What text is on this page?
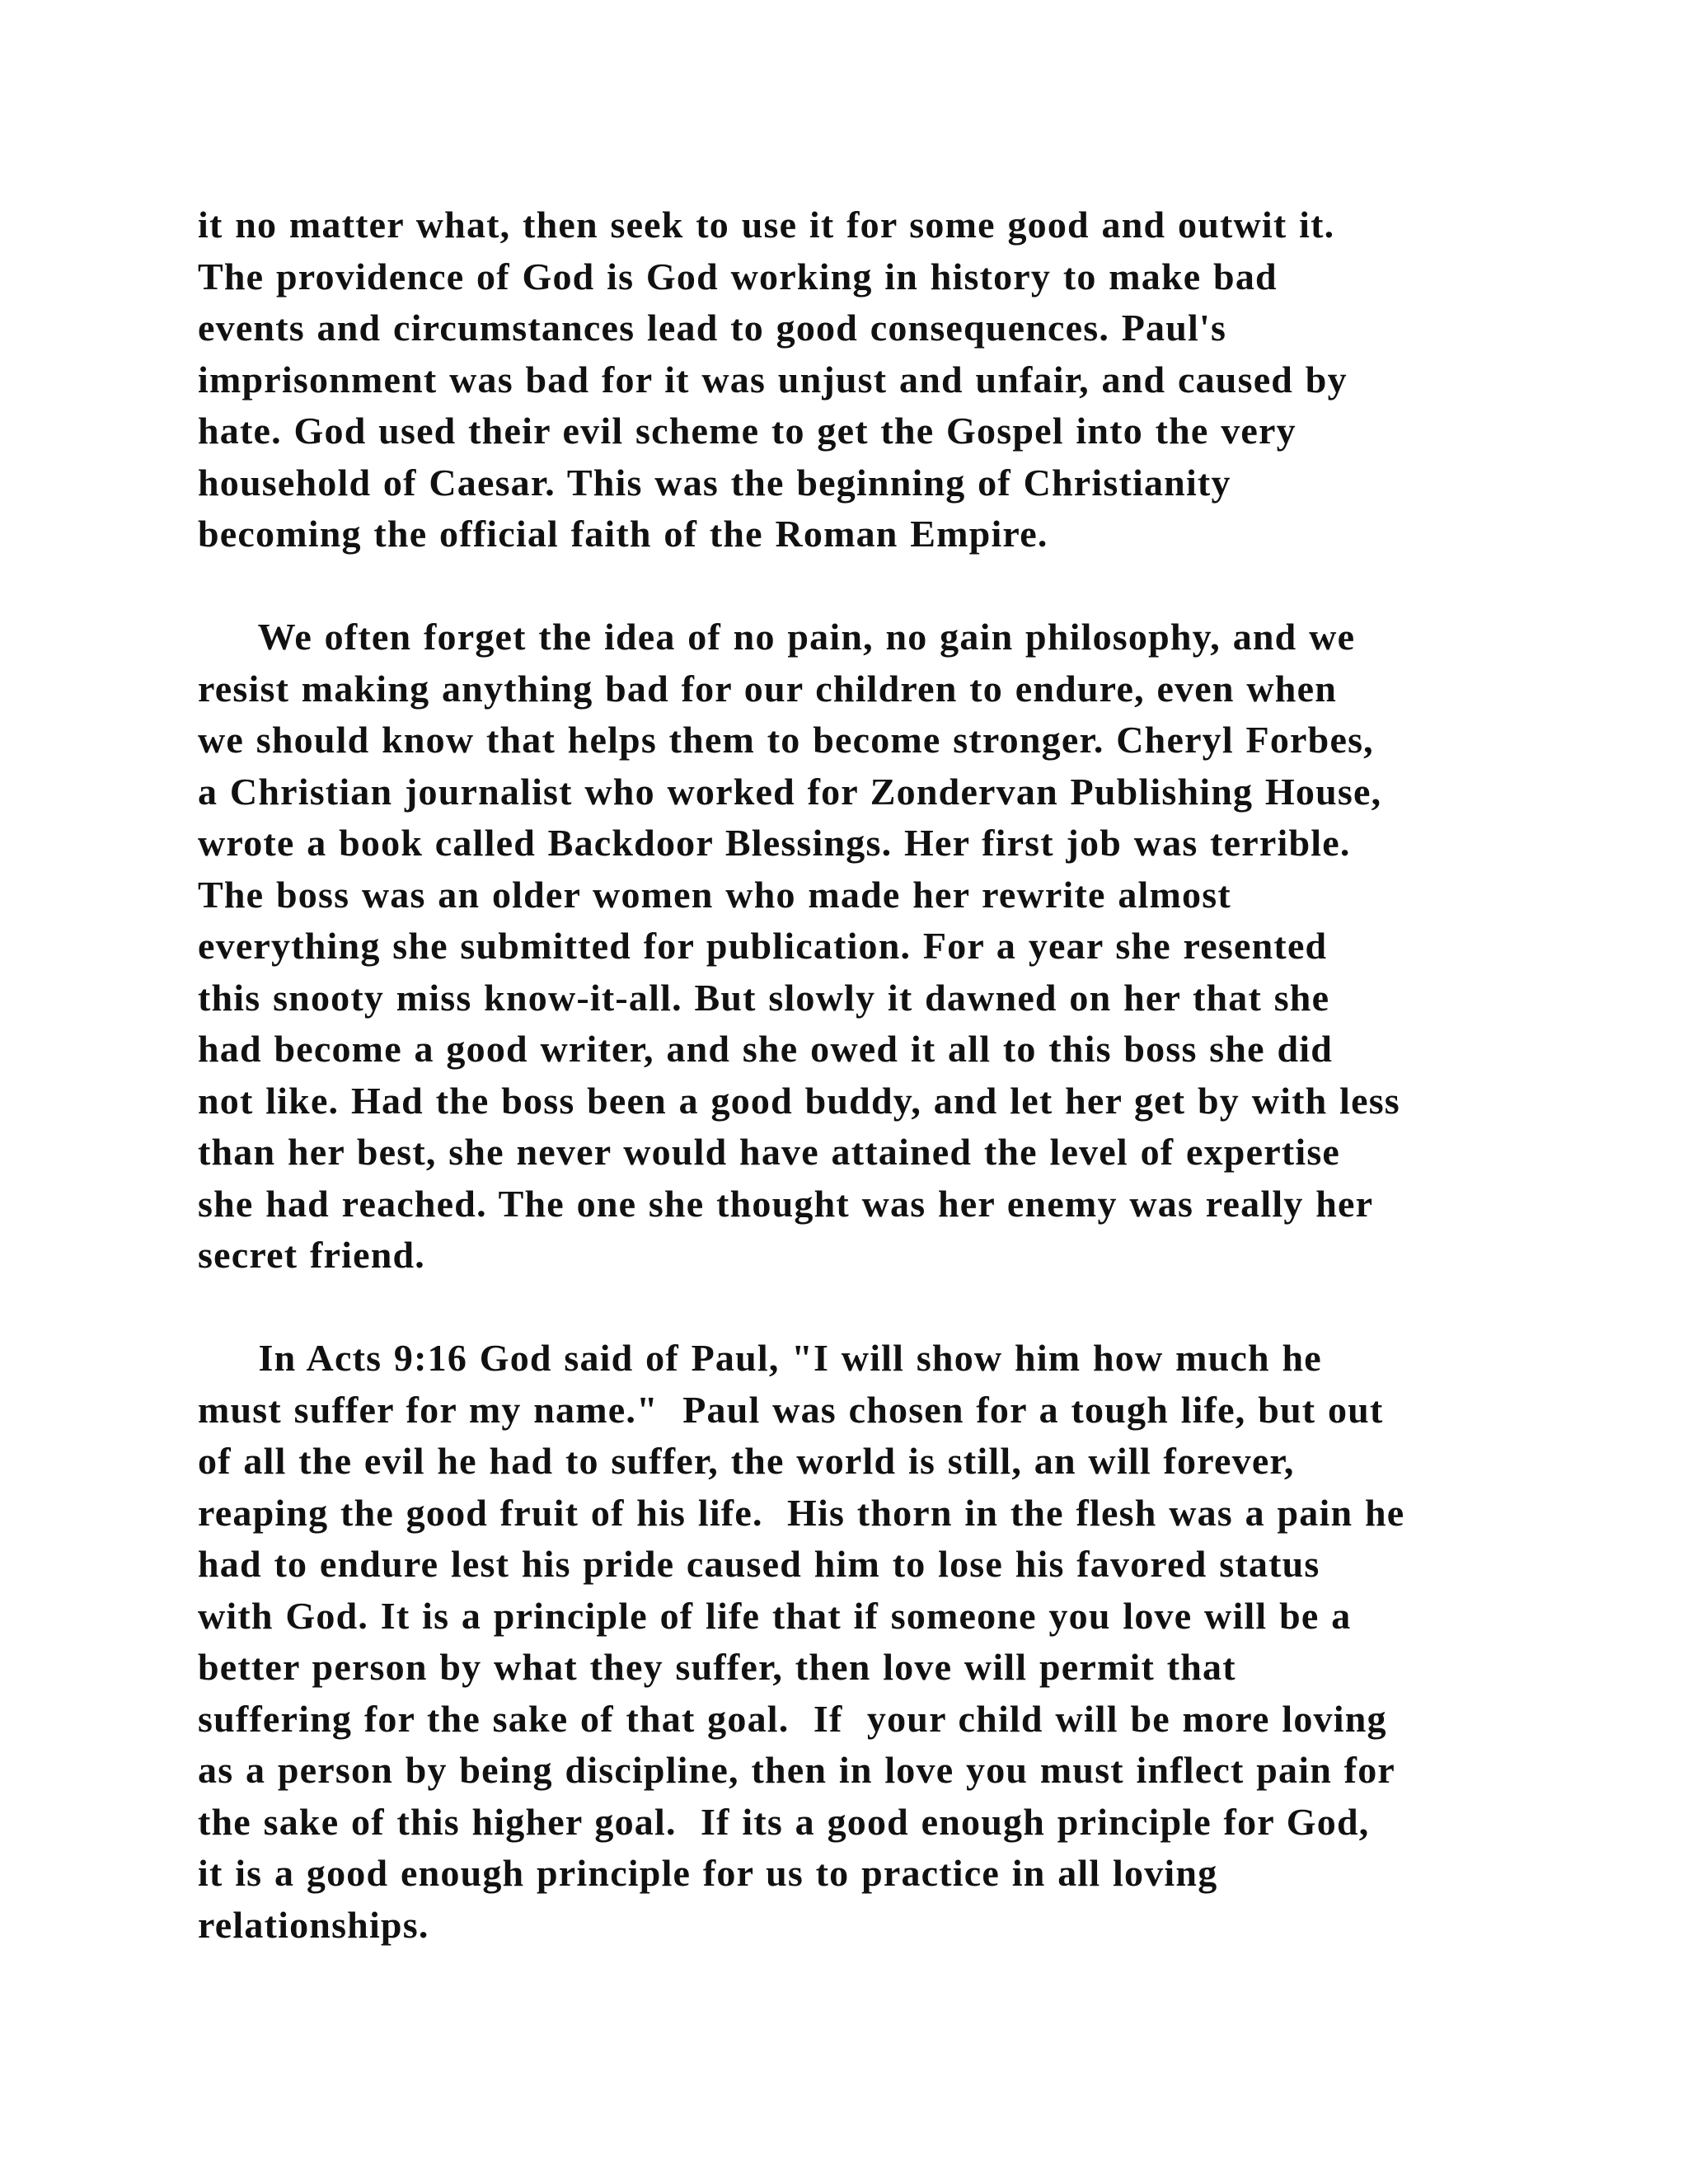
it no matter what, then seek to use it for some good and outwit it.
The providence of God is God working in history to make bad
events and circumstances lead to good consequences. Paul's
imprisonment was bad for it was unjust and unfair, and caused by
hate. God used their evil scheme to get the Gospel into the very
household of Caesar. This was the beginning of Christianity
becoming the official faith of the Roman Empire.
We often forget the idea of no pain, no gain philosophy, and we
resist making anything bad for our children to endure, even when
we should know that helps them to become stronger. Cheryl Forbes,
a Christian journalist who worked for Zondervan Publishing House,
wrote a book called Backdoor Blessings. Her first job was terrible.
The boss was an older women who made her rewrite almost
everything she submitted for publication. For a year she resented
this snooty miss know-it-all. But slowly it dawned on her that she
had become a good writer, and she owed it all to this boss she did
not like. Had the boss been a good buddy, and let her get by with less
than her best, she never would have attained the level of expertise
she had reached. The one she thought was her enemy was really her
secret friend.
In Acts 9:16 God said of Paul, "I will show him how much he
must suffer for my name."  Paul was chosen for a tough life, but out
of all the evil he had to suffer, the world is still, an will forever,
reaping the good fruit of his life.  His thorn in the flesh was a pain he
had to endure lest his pride caused him to lose his favored status
with God. It is a principle of life that if someone you love will be a
better person by what they suffer, then love will permit that
suffering for the sake of that goal.  If  your child will be more loving
as a person by being discipline, then in love you must inflect pain for
the sake of this higher goal.  If its a good enough principle for God,
it is a good enough principle for us to practice in all loving
relationships.
